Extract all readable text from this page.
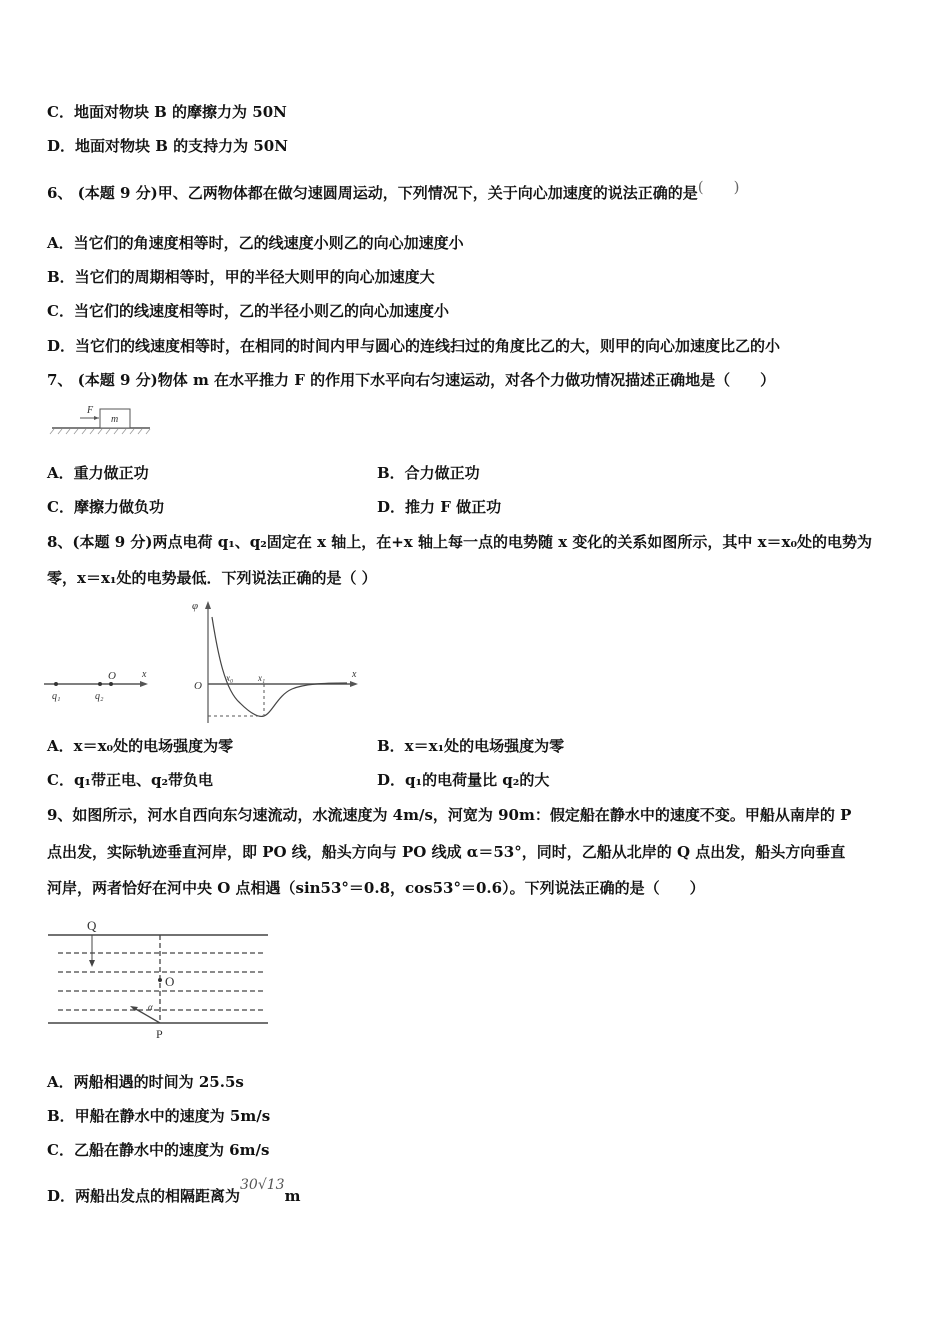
C．地面对物块 B 的摩擦力为 50N
D．地面对物块 B 的支持力为 50N
6、 (本题 9 分)甲、乙两物体都在做匀速圆周运动，下列情况下，关于向心加速度的说法正确的是(　　)
A．当它们的角速度相等时，乙的线速度小则乙的向心加速度小
B．当它们的周期相等时，甲的半径大则甲的向心加速度大
C．当它们的线速度相等时，乙的半径小则乙的向心加速度小
D．当它们的线速度相等时，在相同的时间内甲与圆心的连线扫过的角度比乙的大，则甲的向心加速度比乙的小
7、 (本题 9 分)物体 m 在水平推力 F 的作用下水平向右匀速运动，对各个力做功情况描述正确地是（　　）
F
m
A．重力做正功	B．合力做正功
C．摩擦力做负功	D．推力 F 做正功
8、(本题 9 分)两点电荷 q₁、q₂固定在 x 轴上，在+x 轴上每一点的电势随 x 变化的关系如图所示，其中 x＝x₀处的电势为
零，x＝x₁处的电势最低．下列说法正确的是（ ）
q₁	q₂
O	x
φ
O
x
x₀	x₁
A．x＝x₀处的电场强度为零	B．x＝x₁处的电场强度为零
C．q₁带正电、q₂带负电	D．q₁的电荷量比 q₂的大
9、如图所示，河水自西向东匀速流动，水流速度为 4m/s，河宽为 90m：假定船在静水中的速度不变。甲船从南岸的 P
点出发，实际轨迹垂直河岸，即 PO 线，船头方向与 PO 线成 α＝53°，同时，乙船从北岸的 Q 点出发，船头方向垂直
河岸，两者恰好在河中央 O 点相遇（sin53°＝0.8，cos53°＝0.6）。下列说法正确的是（　　）
Q
O
P
α
A．两船相遇的时间为 25.5s
B．甲船在静水中的速度为 5m/s
C．乙船在静水中的速度为 6m/s
D．两船出发点的相隔距离为30√13m
